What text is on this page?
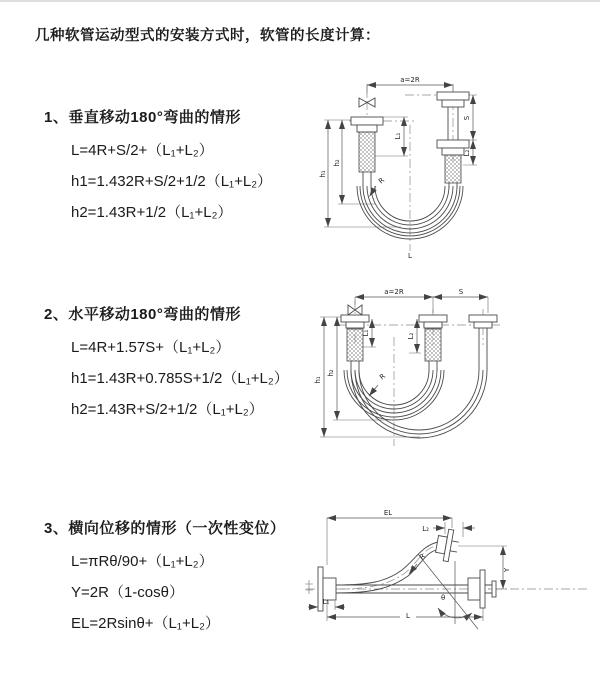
几种软管运动型式的安装方式时，软管的长度计算：
1、垂直移动180°弯曲的情形

L=4R+S/2+（L₁+L₂）

h1=1.432R+S/2+1/2（L₁+L₂）

h2=1.43R+1/2（L₁+L₂）

a=2R
h₁
h₂
L₁
S
L₂
R
L
2、水平移动180°弯曲的情形

L=4R+1.57S+（L₁+L₂）

h1=1.43R+0.785S+1/2（L₁+L₂）

h2=1.43R+S/2+1/2（L₁+L₂）

a=2R	S
h₁
h₂
L₁	L₂
R
3、横向位移的情形（一次性变位）

L=πRθ/90+（L₁+L₂）

Y=2R（1-cosθ）

EL=2Rsinθ+（L₁+L₂）

EL
L₂
Y
R
θ
L
L₁
